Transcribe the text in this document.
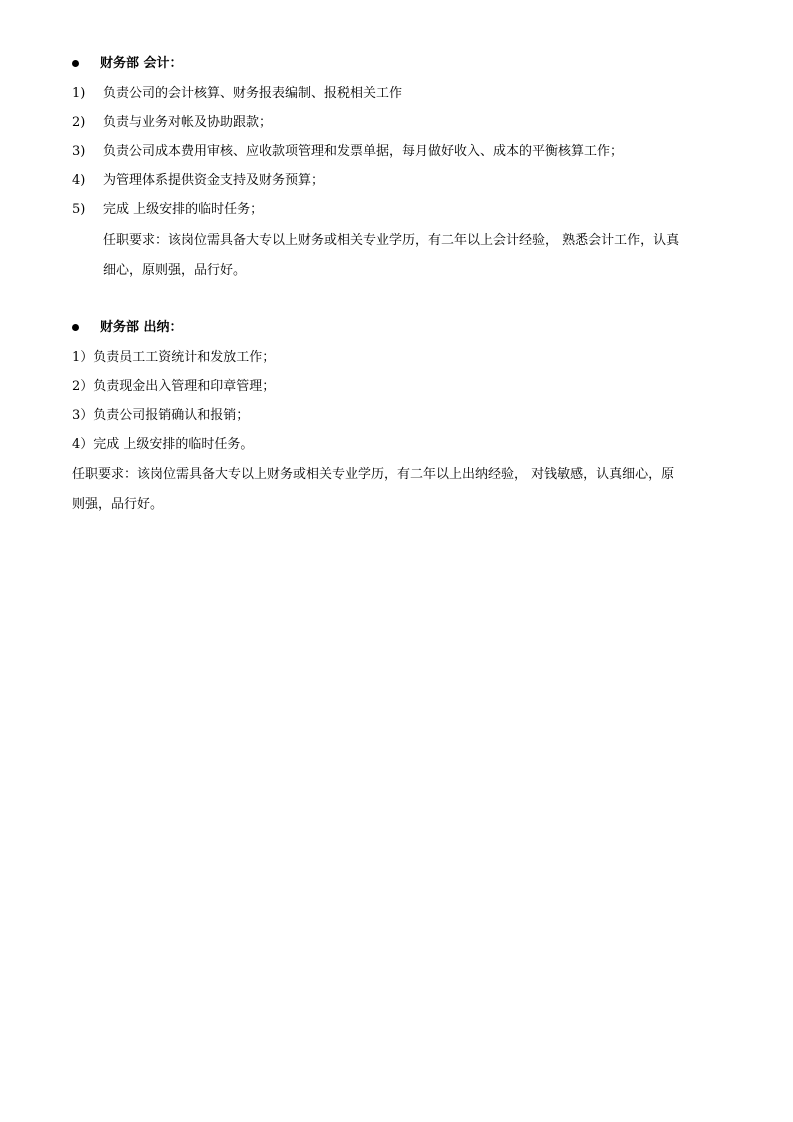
财务部 会计：
1) 负责公司的会计核算、财务报表编制、报税相关工作
2) 负责与业务对帐及协助跟款；
3) 负责公司成本费用审核、应收款项管理和发票单据，每月做好收入、成本的平衡核算工作；
4) 为管理体系提供资金支持及财务预算；
5) 完成 上级安排的临时任务；
任职要求：该岗位需具备大专以上财务或相关专业学历，有二年以上会计经验， 熟悉会计工作，认真
细心，原则强，品行好。
财务部 出纳：
1）负责员工工资统计和发放工作；
2）负责现金出入管理和印章管理；
3）负责公司报销确认和报销；
4）完成 上级安排的临时任务。
任职要求：该岗位需具备大专以上财务或相关专业学历，有二年以上出纳经验， 对钱敏感，认真细心，原
则强，品行好。
